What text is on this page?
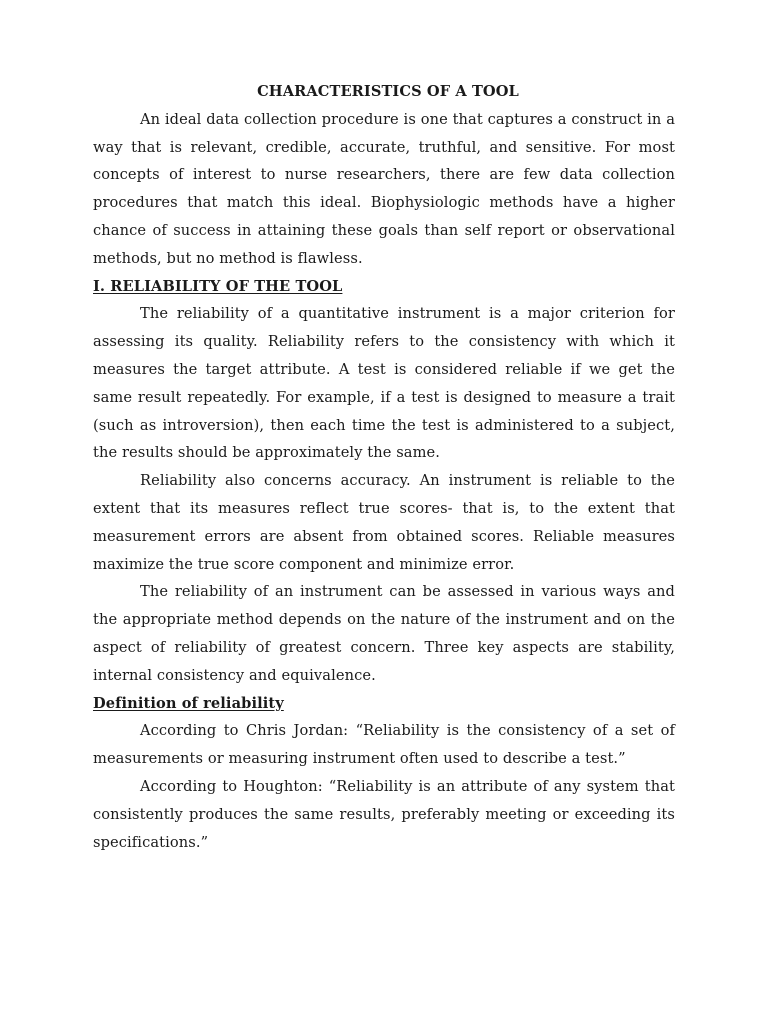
CHARACTERISTICS OF A TOOL

An ideal data collection procedure is one that captures a construct in a way that is relevant, credible, accurate, truthful, and sensitive. For most concepts of interest to nurse researchers, there are few data collection procedures that match this ideal. Biophysiologic methods have a higher chance of success in attaining these goals than self report or observational methods, but no method is flawless.

I. RELIABILITY OF THE TOOL

The reliability of a quantitative instrument is a major criterion for assessing its quality. Reliability refers to the consistency with which it measures the target attribute. A test is considered reliable if we get the same result repeatedly. For example, if a test is designed to measure a trait (such as introversion), then each time the test is administered to a subject, the results should be approximately the same.

Reliability also concerns accuracy. An instrument is reliable to the extent that its measures reflect true scores- that is, to the extent that measurement errors are absent from obtained scores. Reliable measures maximize the true score component and minimize error.

The reliability of an instrument can be assessed in various ways and the appropriate method depends on the nature of the instrument and on the aspect of reliability of greatest concern. Three key aspects are stability, internal consistency and equivalence.

Definition of reliability

According to Chris Jordan: “Reliability is the consistency of a set of measurements or measuring instrument often used to describe a test.”

According to Houghton: “Reliability is an attribute of any system that consistently produces the same results, preferably meeting or exceeding its specifications.”
